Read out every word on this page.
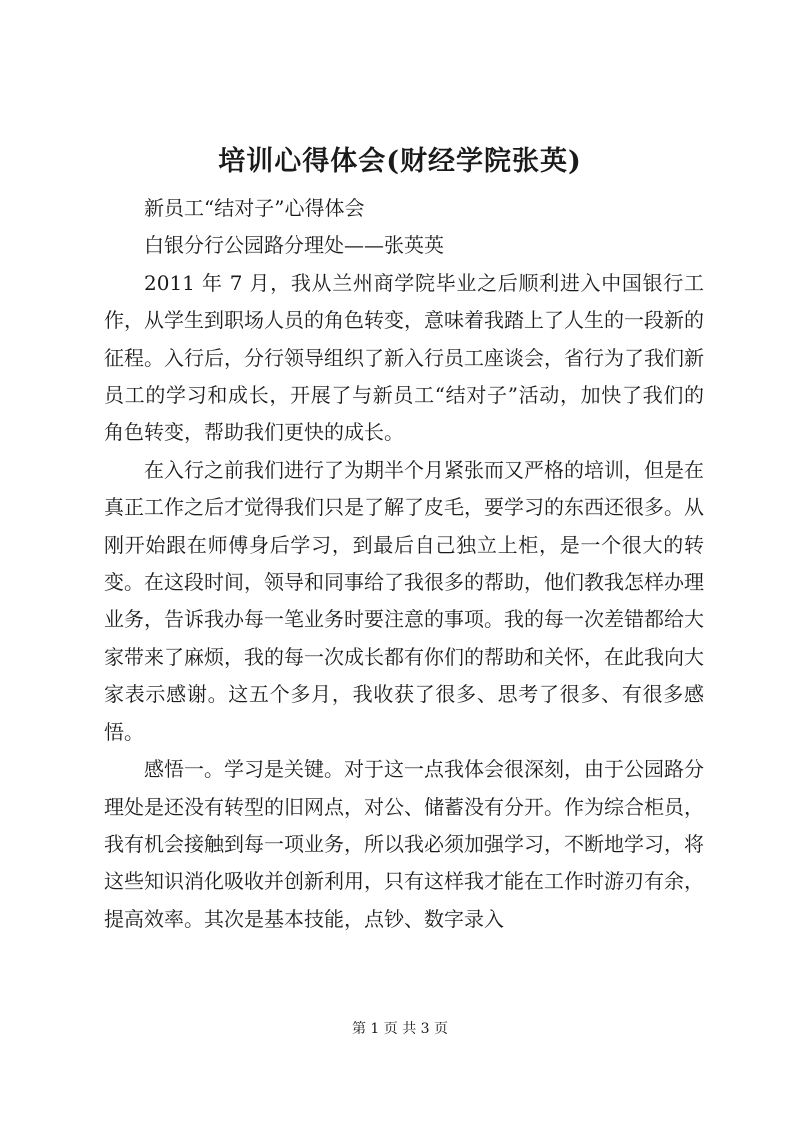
培训心得体会(财经学院张英)

新员工“结对子”心得体会

白银分行公园路分理处——张英英

2011 年 7 月，我从兰州商学院毕业之后顺利进入中国银行工作，从学生到职场人员的角色转变，意味着我踏上了人生的一段新的征程。入行后，分行领导组织了新入行员工座谈会，省行为了我们新员工的学习和成长，开展了与新员工“结对子”活动，加快了我们的角色转变，帮助我们更快的成长。

在入行之前我们进行了为期半个月紧张而又严格的培训，但是在真正工作之后才觉得我们只是了解了皮毛，要学习的东西还很多。从刚开始跟在师傅身后学习，到最后自己独立上柜，是一个很大的转变。在这段时间，领导和同事给了我很多的帮助，他们教我怎样办理业务，告诉我办每一笔业务时要注意的事项。我的每一次差错都给大家带来了麻烦，我的每一次成长都有你们的帮助和关怀，在此我向大家表示感谢。这五个多月，我收获了很多、思考了很多、有很多感悟。

感悟一。学习是关键。对于这一点我体会很深刻，由于公园路分理处是还没有转型的旧网点，对公、储蓄没有分开。作为综合柜员，我有机会接触到每一项业务，所以我必须加强学习，不断地学习，将这些知识消化吸收并创新利用，只有这样我才能在工作时游刃有余，提高效率。其次是基本技能，点钞、数字录入

第 1 页 共 3 页
